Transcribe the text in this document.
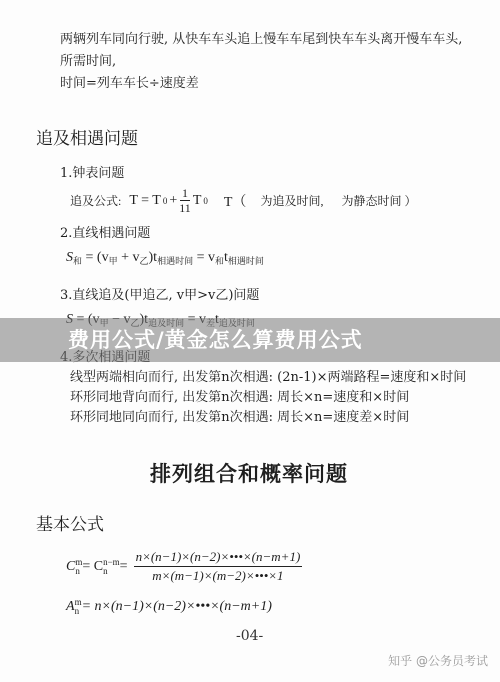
两辆列车同向行驶, 从快车车头追上慢车车尾到快车车头离开慢车车头,
所需时间,
时间=列车车长÷速度差
追及相遇问题
1.钟表问题
追及公式: T = T $0 + \frac{1}{11}$ T 0 T（ 为追及时间, 为静态时间 ）
2.直线相遇问题
$S_和 = (v_甲 + v_乙)t_{相遇时间} = v_和t_{相遇时间}$
3.直线追及(甲追乙, v甲>v乙)问题
线型两端相向而行, 出发第n次相遇: (2n-1)×两端路程=速度和×时间
环形同地背向而行, 出发第n次相遇: 周长×n=速度和×时间
环形同地同向而行, 出发第n次相遇: 周长×n=速度差×时间
排列组合和概率问题
基本公式
C m
n = C n−m
$n = \frac{n\times(n-1)\times(n-2)\times•••\times(n-m+1)}{m\times(m-1)\times(m-2)\times•••\times 1}$
A m
n = n×(n−1)×(n−2)×•••×(n−m+1)
-04-
费用公式/黄金怎么算费用公式
知乎 @公务员考试
